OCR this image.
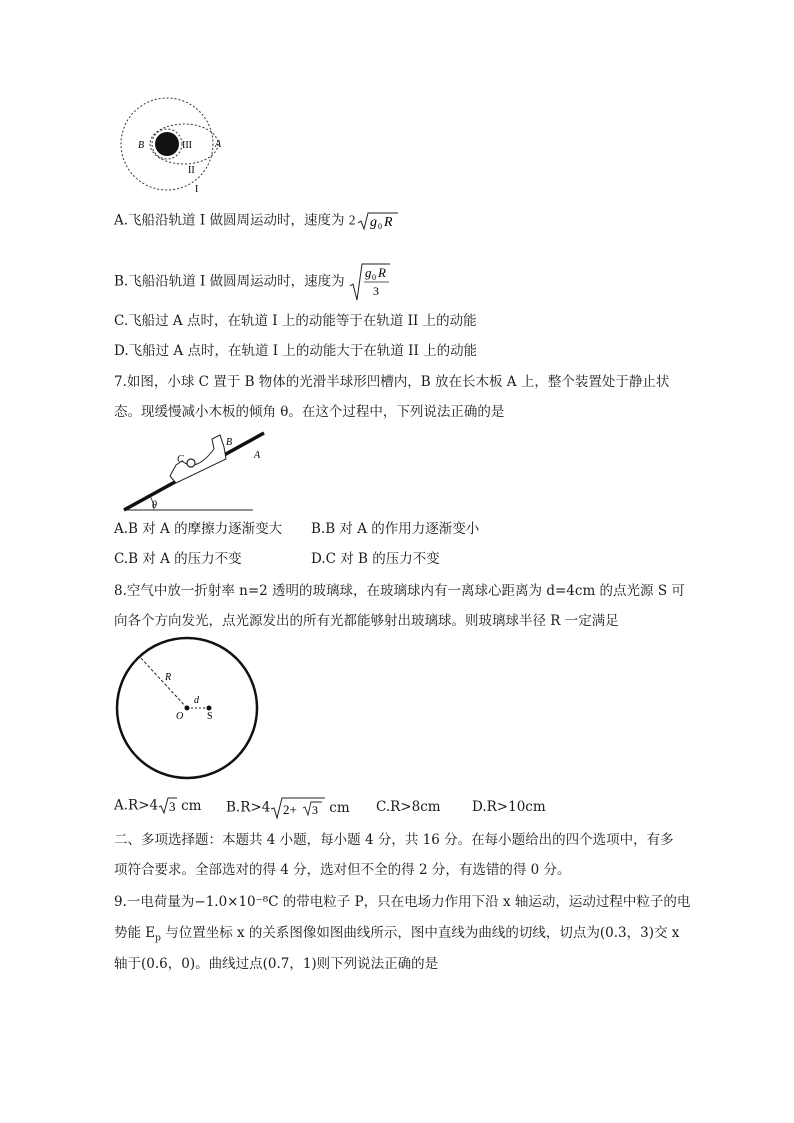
B	III A
II
I
A.飞船沿轨道 I 做圆周运动时，速度为 2 g 0 R
B.飞船沿轨道 I 做圆周运动时，速度为
g 0 R
3
C.飞船过 A 点时，在轨道 I 上的动能等于在轨道 II 上的动能
D.飞船过 A 点时，在轨道 I 上的动能大于在轨道 II 上的动能
7.如图，小球 C 置于 B 物体的光滑半球形凹槽内，B 放在长木板 A 上，整个装置处于静止状
态。现缓慢减小木板的倾角 θ。在这个过程中，下列说法正确的是
θ
C
B
A
A.B 对 A 的摩擦力逐渐变大 B.B 对 A 的作用力逐渐变小
C.B 对 A 的压力不变	D.C 对 B 的压力不变
8.空气中放一折射率 n=2 透明的玻璃球，在玻璃球内有一离球心距离为 d=4cm 的点光源 S 可
向各个方向发光，点光源发出的所有光都能够射出玻璃球。则玻璃球半径 R 一定满足
R
d
O S
A.R>4 3 cm B.R>4 2+ 3 cm C.R>8cm D.R>10cm
二、多项选择题：本题共 4 小题，每小题 4 分，共 16 分。在每小题给出的四个选项中，有多
项符合要求。全部选对的得 4 分，选对但不全的得 2 分，有选错的得 0 分。
9.一电荷量为−1.0×10⁻⁸C 的带电粒子 P，只在电场力作用下沿 x 轴运动，运动过程中粒子的电
势能 $E_p$ 与位置坐标 x 的关系图像如图曲线所示，图中直线为曲线的切线，切点为(0.3，3)交 x
轴于(0.6，0)。曲线过点(0.7，1)则下列说法正确的是
